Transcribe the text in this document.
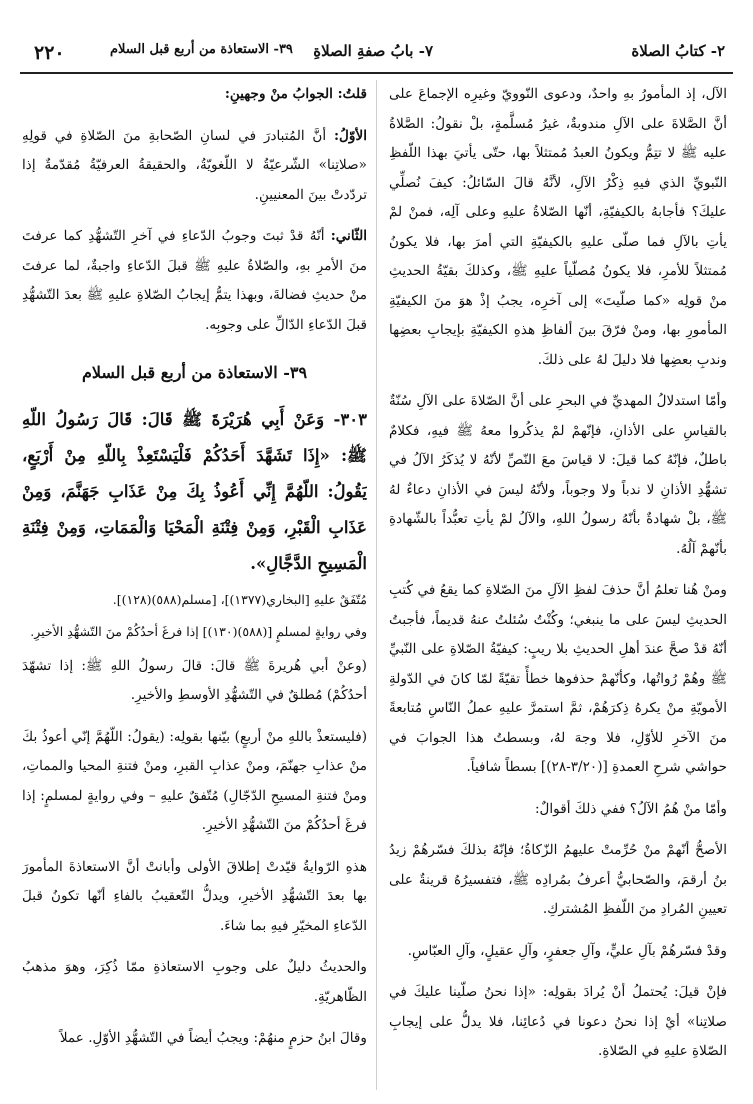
٢- كتابُ الصلاة
٧- بابُ صفةِ الصلاةِ
٣٩- الاستعاذة من أربع قبل السلام
٢٢٠

الآل، إذ المأمورُ بهِ واحدٌ، ودعوى النّوويّ وغيرِه الإجماعَ على أنَّ الصَّلاةَ على الآلِ مندوبةٌ، غيرُ مُسلَّمةٍ، بلْ نقولُ: الصَّلاةُ عليه ﷺ لا تتِمُّ ويكونُ العبدُ مُمتثلاً بها، حتّى يأتيَ بهذا اللّفظِ النّبويِّ الذي فيهِ ذِكْرُ الآلِ، لأنَّهُ قالَ السّائلُ: كيفَ نُصلِّي عليكَ؟ فأجابهُ بالكيفيّةِ، أنّها الصّلاةُ عليهِ وعلى آلِه، فمنْ لمْ يأتِ بالآلِ فما صلّى عليهِ بالكيفيّةِ التي أمرَ بها، فلا يكونُ مُمتثلاً للأمرِ، فلا يكونُ مُصلّياً عليهِ ﷺ، وكذلكَ بقيّةُ الحديثِ منْ قولِه «كما صلّيتَ» إلى آخرِه، يجبُ إذْ هوَ منَ الكيفيّةِ المأمورِ بها، ومنْ فرّقَ بينَ ألفاظِ هذهِ الكيفيّةِ بإيجابِ بعضِها وندبِ بعضِها فلا دليلَ لهُ على ذلكَ.

وأمّا استدلالُ المهديِّ في البحرِ على أنَّ الصّلاةَ على الآلِ سُنّةٌ بالقياسِ على الأذانِ، فإنّهمْ لمْ يذكُروا معهُ ﷺ فيهِ، فكلامٌ باطلٌ، فإنّهُ كما قيلَ: لا قياسَ معَ النّصِّ لأنّهُ لا يُذكَرُ الآلُ في تشهُّدِ الأذانِ لا ندباً ولا وجوباً، ولأنّهُ ليسَ في الأذانِ دعاءٌ لهُ ﷺ، بلْ شهادةٌ بأنّهُ رسولُ اللهِ، والآلُ لمْ يأتِ تعبُّداً بالشّهادةِ بأنّهمْ آلُهُ.

ومنْ هُنا تعلمُ أنَّ حذفَ لفظِ الآلِ منَ الصّلاةِ كما يقعُ في كُتبِ الحديثِ ليسَ على ما ينبغي؛ وكُنْتُ سُئلتُ عنهُ قديماً، فأجبتُ أنّهُ قدْ صحَّ عندَ أهلِ الحديثِ بلا ريبٍ: كيفيّةُ الصّلاةِ على النّبيِّ ﷺ وهُمْ رُواتُها، وكأنّهمْ حذفوها خطأً تقيّةً لمّا كانَ في الدّولةِ الأمويّةِ منْ يكرهُ ذِكرَهُمْ، ثمَّ استمرَّ عليهِ عملُ النّاسِ مُتابعةً منَ الآخرِ للأوّلِ، فلا وجهَ لهُ، وبسطتُ هذا الجوابَ في حواشي شرحِ العمدةِ [(٣/٢٠-٢٨)] بسطاً شافياً.

وأمّا منْ هُمُ الآلُ؟ ففي ذلكَ أقوالٌ:

الأصحُّ أنّهمْ منْ حُرِّمتْ عليهمُ الزّكاةُ؛ فإنّهُ بذلكَ فسّرهُمْ زيدُ بنُ أرقمَ، والصّحابيُّ أعرفُ بمُرادِه ﷺ، فتفسيرُهُ قرينةٌ على تعيينِ المُرادِ منَ اللّفظِ المُشتركِ.

وقدْ فسّرهُمْ بآلِ عليٍّ، وآلِ جعفرٍ، وآلِ عقيلٍ، وآلِ العبّاسِ.

فإنْ قيلَ: يُحتملُ أنْ يُرادَ بقولِه: «إذا نحنُ صلّينا عليكَ في صلاتِنا» أيْ إذا نحنُ دعونا في دُعائِنا، فلا يدلُّ على إيجابِ الصّلاةِ عليهِ في الصّلاةِ.

قلتُ: الجوابُ منْ وجهينِ:

الأوّلُ: أنَّ المُتبادرَ في لسانِ الصّحابةِ منَ الصّلاةِ في قولِهِ «صلاتِنا» الشّرعيّةُ لا اللّغويّةُ، والحقيقةُ العرفيّةُ مُقدّمةٌ إذا تردّدتْ بينَ المعنيينِ.

الثّاني: أنّهُ قدْ ثبتَ وجوبُ الدّعاءِ في آخرِ التّشهُّدِ كما عرفتَ منَ الأمرِ بهِ، والصّلاةُ عليهِ ﷺ قبلَ الدّعاءِ واجبةٌ، لما عرفتَ منْ حديثِ فضالةَ، وبهذا يتمُّ إيجابُ الصّلاةِ عليهِ ﷺ بعدَ التّشهُّدِ قبلَ الدّعاءِ الدّالِّ على وجوبِه.

٣٩- الاستعاذة من أربع قبل السلام
٣٠٣- وَعَنْ أَبِي هُرَيْرَةَ ﷺ قَالَ: قَالَ رَسُولُ اللّهِ ﷺ: «إِذَا تَشَهَّدَ أَحَدُكُمْ فَلْيَسْتَعِذْ بِاللّهِ مِنْ أَرْبَعٍ، يَقُولُ: اللّهُمَّ إِنِّي أَعُوذُ بِكَ مِنْ عَذَابِ جَهَنَّمَ، وَمِنْ عَذَابِ الْقَبْرِ، وَمِنْ فِتْنَةِ الْمَحْيَا وَالْمَمَاتِ، وَمِنْ فِتْنَةِ الْمَسِيحِ الدَّجَّالِ».
مُتّفَقٌ عليهِ [البخاري(١٣٧٧)]، [مسلم(٥٨٨)(١٢٨)].
وفي روايةٍ لمسلمٍ [(٥٨٨)(١٣٠)] إذا فرغَ أحدُكُمْ منَ التّشهُّدِ الأخيرِ.

(وعنْ أبي هُريرةَ ﷺ قالَ: قالَ رسولُ اللهِ ﷺ: إذا تشهّدَ أحدُكُمْ) مُطلقٌ في التّشهُّدِ الأوسطِ والأخيرِ.

(فليستعذْ باللهِ منْ أربعٍ) بيّنها بقولِه: (يقولُ: اللّهُمَّ إنّي أعوذُ بكَ منْ عذابِ جهنّمَ، ومنْ عذابِ القبرِ، ومنْ فتنةِ المحيا والمماتِ، ومنْ فتنةِ المسيحِ الدّجّالِ) مُتّفقٌ عليهِ – وفي روايةٍ لمسلمٍ: إذا فرغَ أحدُكُمْ منَ التّشهُّدِ الأخيرِ.

هذهِ الرّوايةُ قيّدتْ إطلاقَ الأولى وأبانتْ أنَّ الاستعاذةَ المأمورَ بها بعدَ التّشهُّدِ الأخيرِ، ويدلُّ التّعقيبُ بالفاءِ أنّها تكونُ قبلَ الدّعاءِ المخيّرِ فيهِ بما شاءَ.

والحديثُ دليلٌ على وجوبِ الاستعاذةِ ممّا ذُكِرَ، وهوَ مذهبُ الظّاهريّةِ.

وقالَ ابنُ حزمٍ منهُمْ: ويجبُ أيضاً في التّشهُّدِ الأوّلِ. عملاً
